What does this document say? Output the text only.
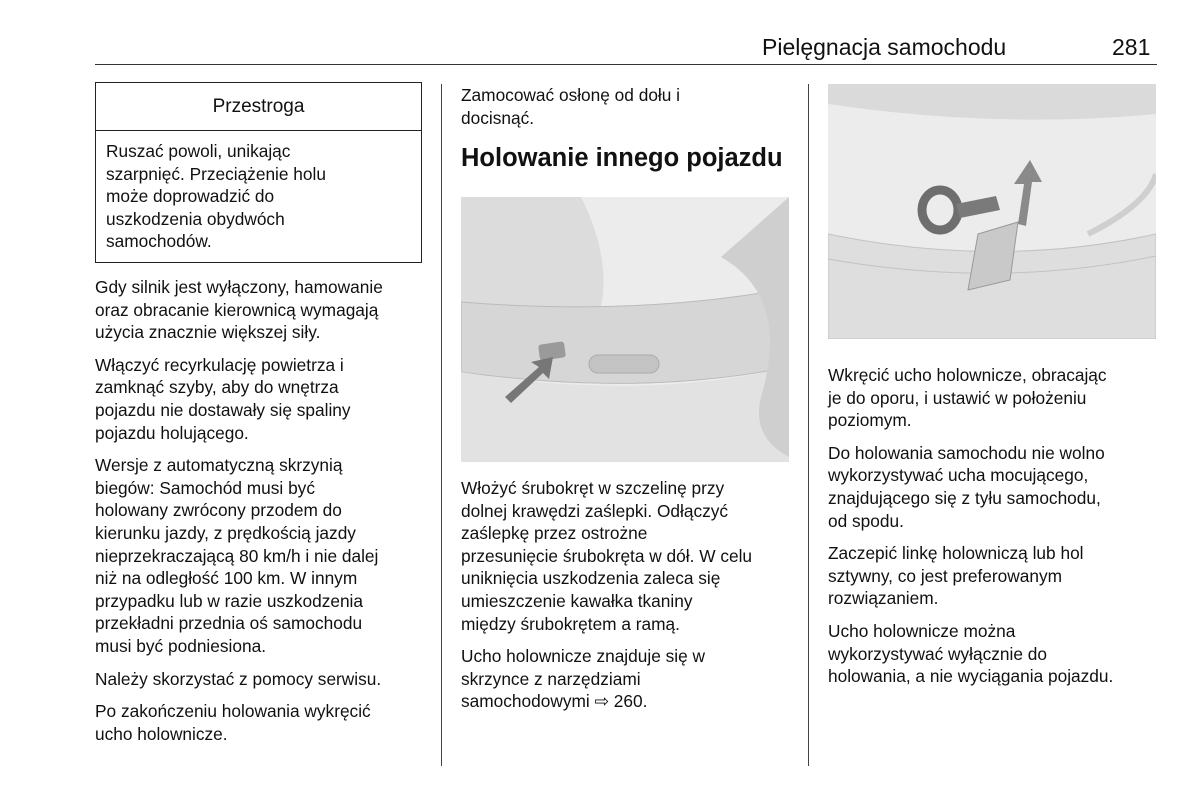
Pielęgnacja samochodu	281
Przestroga
Ruszać powoli, unikając
szarpnięć. Przeciążenie holu
może doprowadzić do
uszkodzenia obydwóch
samochodów.

Gdy silnik jest wyłączony, hamowanie
oraz obracanie kierownicą wymagają
użycia znacznie większej siły.

Włączyć recyrkulację powietrza i
zamknąć szyby, aby do wnętrza
pojazdu nie dostawały się spaliny
pojazdu holującego.

Wersje z automatyczną skrzynią
biegów: Samochód musi być
holowany zwrócony przodem do
kierunku jazdy, z prędkością jazdy
nieprzekraczającą 80 km/h i nie dalej
niż na odległość 100 km. W innym
przypadku lub w razie uszkodzenia
przekładni przednia oś samochodu
musi być podniesiona.

Należy skorzystać z pomocy serwisu.

Po zakończeniu holowania wykręcić
ucho holownicze.

Zamocować osłonę od dołu i
docisnąć.

Holowanie innego pojazdu

Włożyć śrubokręt w szczelinę przy
dolnej krawędzi zaślepki. Odłączyć
zaślepkę przez ostrożne
przesunięcie śrubokręta w dół. W celu
uniknięcia uszkodzenia zaleca się
umieszczenie kawałka tkaniny
między śrubokrętem a ramą.

Ucho holownicze znajduje się w
skrzynce z narzędziami
samochodowymi ⇨ 260.

Wkręcić ucho holownicze, obracając
je do oporu, i ustawić w położeniu
poziomym.

Do holowania samochodu nie wolno
wykorzystywać ucha mocującego,
znajdującego się z tyłu samochodu,
od spodu.

Zaczepić linkę holowniczą lub hol
sztywny, co jest preferowanym
rozwiązaniem.

Ucho holownicze można
wykorzystywać wyłącznie do
holowania, a nie wyciągania pojazdu.
